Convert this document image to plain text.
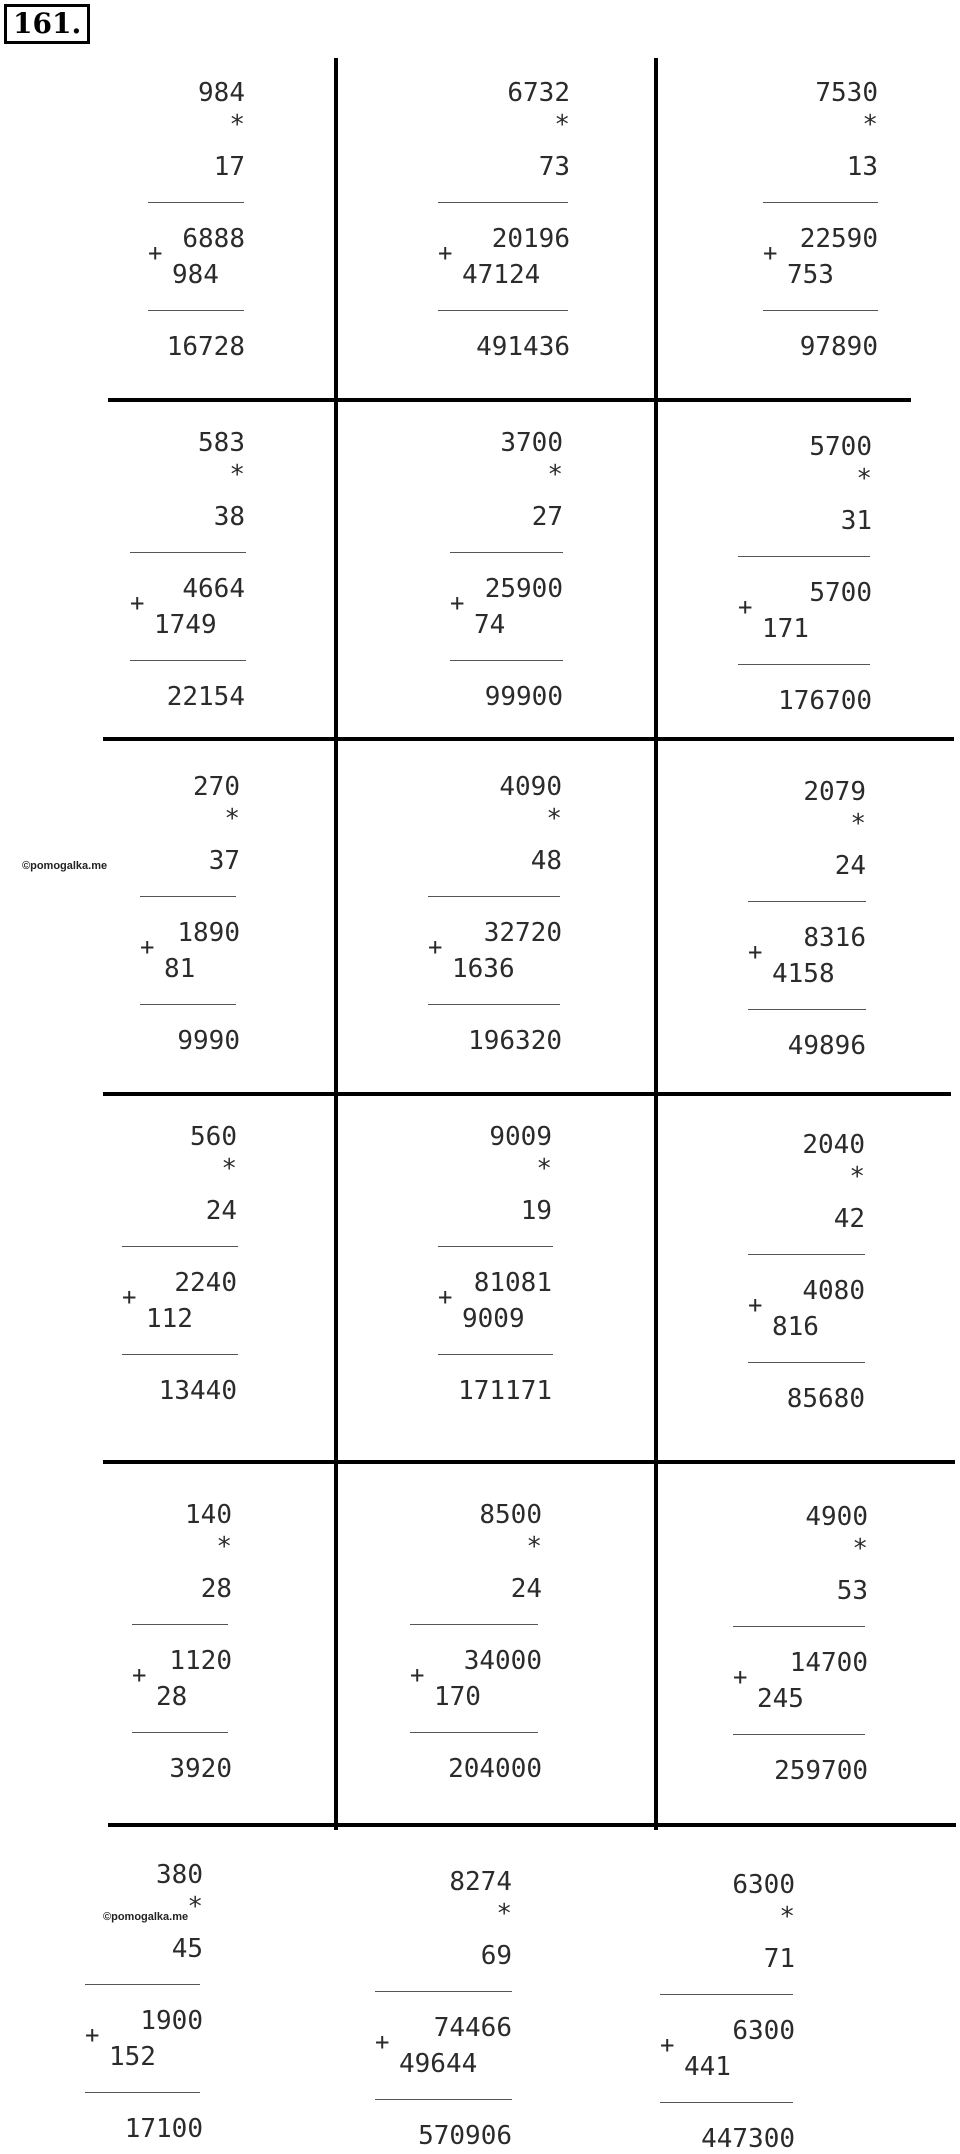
161.
©pomogalka.me
©pomogalka.me
984
*
17
6888
+
984
16728
6732
*
73
20196
+
47124
491436
7530
*
13
22590
+
753
97890
583
*
38
4664
+
1749
22154
3700
*
27
25900
+
74
99900
5700
*
31
5700
+
171
176700
270
*
37
1890
+
81
9990
4090
*
48
32720
+
1636
196320
2079
*
24
8316
+
4158
49896
560
*
24
2240
+
112
13440
9009
*
19
81081
+
9009
171171
2040
*
42
4080
+
816
85680
140
*
28
1120
+
28
3920
8500
*
24
34000
+
170
204000
4900
*
53
14700
+
245
259700
380
*
45
1900
+
152
17100
8274
*
69
74466
+
49644
570906
6300
*
71
6300
+
441
447300
